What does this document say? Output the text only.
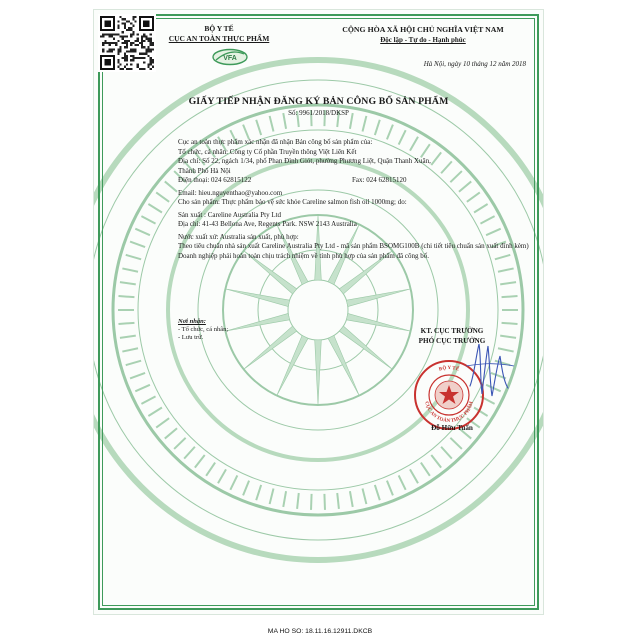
BỘ Y TẾ
CỤC AN TOÀN THỰC PHẨM
VFA
CỘNG HÒA XÃ HỘI CHỦ NGHĨA VIỆT NAM
Độc lập - Tự do - Hạnh phúc
Hà Nội, ngày 10 tháng 12 năm 2018
GIẤY TIẾP NHẬN ĐĂNG KÝ BẢN CÔNG BỐ SẢN PHẨM
Số: 9961/2018/DKSP
Cục an toàn thực phẩm xác nhận đã nhận Bản công bố sản phẩm của:
Tổ chức, cá nhân: Công ty Cổ phần Truyền thông Việt Liên Kết
Địa chỉ: Số 22, ngách 1/34, phố Phan Đình Giót, phường Phương Liệt, Quận Thanh Xuân,
Thành Phố Hà Nội
Điện thoại: 024 62815122	Fax: 024 62815120
Email: hieu.nguyenthao@yahoo.com
Cho sản phẩm: Thực phẩm bảo vệ sức khỏe Careline salmon fish oil 1000mg; do:
Sản xuất : Careline Australia Pty Ltd
Địa chỉ: 41-43 Bellona Ave, Regents Park. NSW 2143 Australia
Nước xuất xứ: Australia sản xuất, phù hợp:
Theo tiêu chuẩn nhà sản xuất Careline Australia Pty Ltd - mã sản phẩm BSOMG100B (chi tiết tiêu chuẩn sản xuất đính kèm)
Doanh nghiệp phải hoàn toàn chịu trách nhiệm về tính phù hợp của sản phẩm đã công bố.
Nơi nhận:
- Tổ chức, cá nhân;
- Lưu trữ.
KT. CỤC TRƯỞNG
PHÓ CỤC TRƯỞNG
BỘ Y TẾ
CỤC AN TOÀN THỰC PHẨM
Đỗ Hữu Tuấn
MA HO SO: 18.11.16.12911.DKCB
